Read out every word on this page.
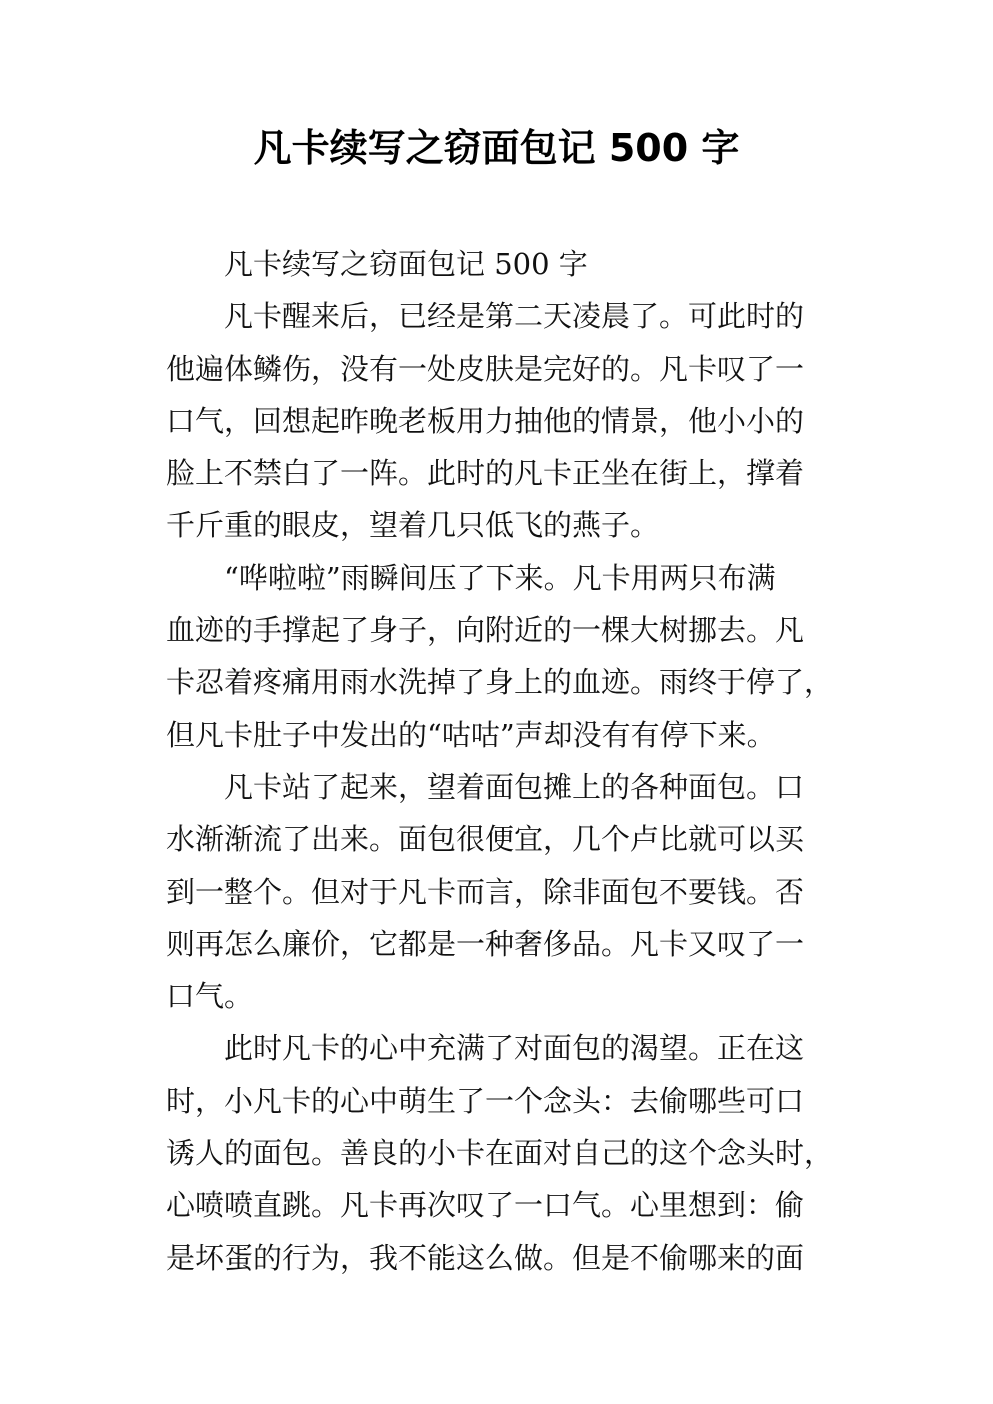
凡卡续写之窃面包记 500 字
凡卡续写之窃面包记 500 字
凡卡醒来后，已经是第二天凌晨了。可此时的
他遍体鳞伤，没有一处皮肤是完好的。凡卡叹了一
口气，回想起昨晚老板用力抽他的情景，他小小的
脸上不禁白了一阵。此时的凡卡正坐在街上，撑着
千斤重的眼皮，望着几只低飞的燕子。
“哗啦啦”雨瞬间压了下来。凡卡用两只布满
血迹的手撑起了身子，向附近的一棵大树挪去。凡
卡忍着疼痛用雨水洗掉了身上的血迹。雨终于停了，
但凡卡肚子中发出的“咕咕”声却没有有停下来。
凡卡站了起来，望着面包摊上的各种面包。口
水渐渐流了出来。面包很便宜，几个卢比就可以买
到一整个。但对于凡卡而言，除非面包不要钱。否
则再怎么廉价，它都是一种奢侈品。凡卡又叹了一
口气。
此时凡卡的心中充满了对面包的渴望。正在这
时，小凡卡的心中萌生了一个念头：去偷哪些可口
诱人的面包。善良的小卡在面对自己的这个念头时，
心喷喷直跳。凡卡再次叹了一口气。心里想到：偷
是坏蛋的行为，我不能这么做。但是不偷哪来的面
